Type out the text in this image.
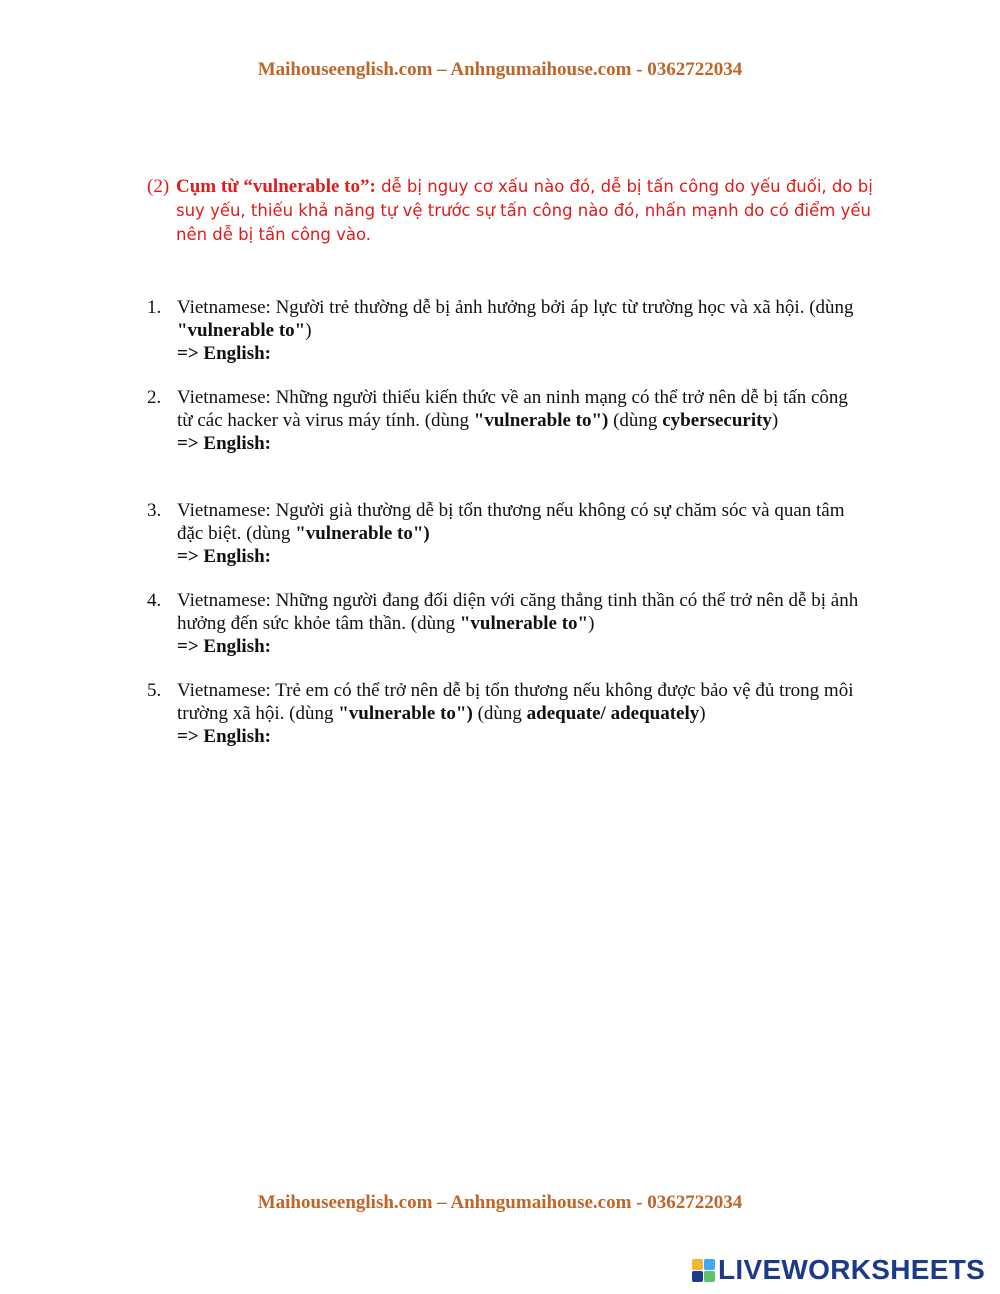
Maihouseenglish.com – Anhngumaihouse.com - 0362722034
(2) Cụm từ “vulnerable to”: dễ bị nguy cơ xấu nào đó, dễ bị tấn công do yếu đuối, do bị suy yếu, thiếu khả năng tự vệ trước sự tấn công nào đó, nhấn mạnh do có điểm yếu nên dễ bị tấn công vào.
1. Vietnamese: Người trẻ thường dễ bị ảnh hưởng bởi áp lực từ trường học và xã hội. (dùng
"vulnerable to")
=> English:
2. Vietnamese: Những người thiếu kiến thức về an ninh mạng có thể trở nên dễ bị tấn công
từ các hacker và virus máy tính. (dùng "vulnerable to") (dùng cybersecurity)
=> English:
3. Vietnamese: Người già thường dễ bị tổn thương nếu không có sự chăm sóc và quan tâm
đặc biệt. (dùng "vulnerable to")
=> English:
4. Vietnamese: Những người đang đối diện với căng thẳng tinh thần có thể trở nên dễ bị ảnh
hưởng đến sức khỏe tâm thần. (dùng "vulnerable to")
=> English:
5. Vietnamese: Trẻ em có thể trở nên dễ bị tổn thương nếu không được bảo vệ đủ trong môi
trường xã hội. (dùng "vulnerable to") (dùng adequate/ adequately)
=> English:
Maihouseenglish.com – Anhngumaihouse.com - 0362722034
LIVEWORKSHEETS
